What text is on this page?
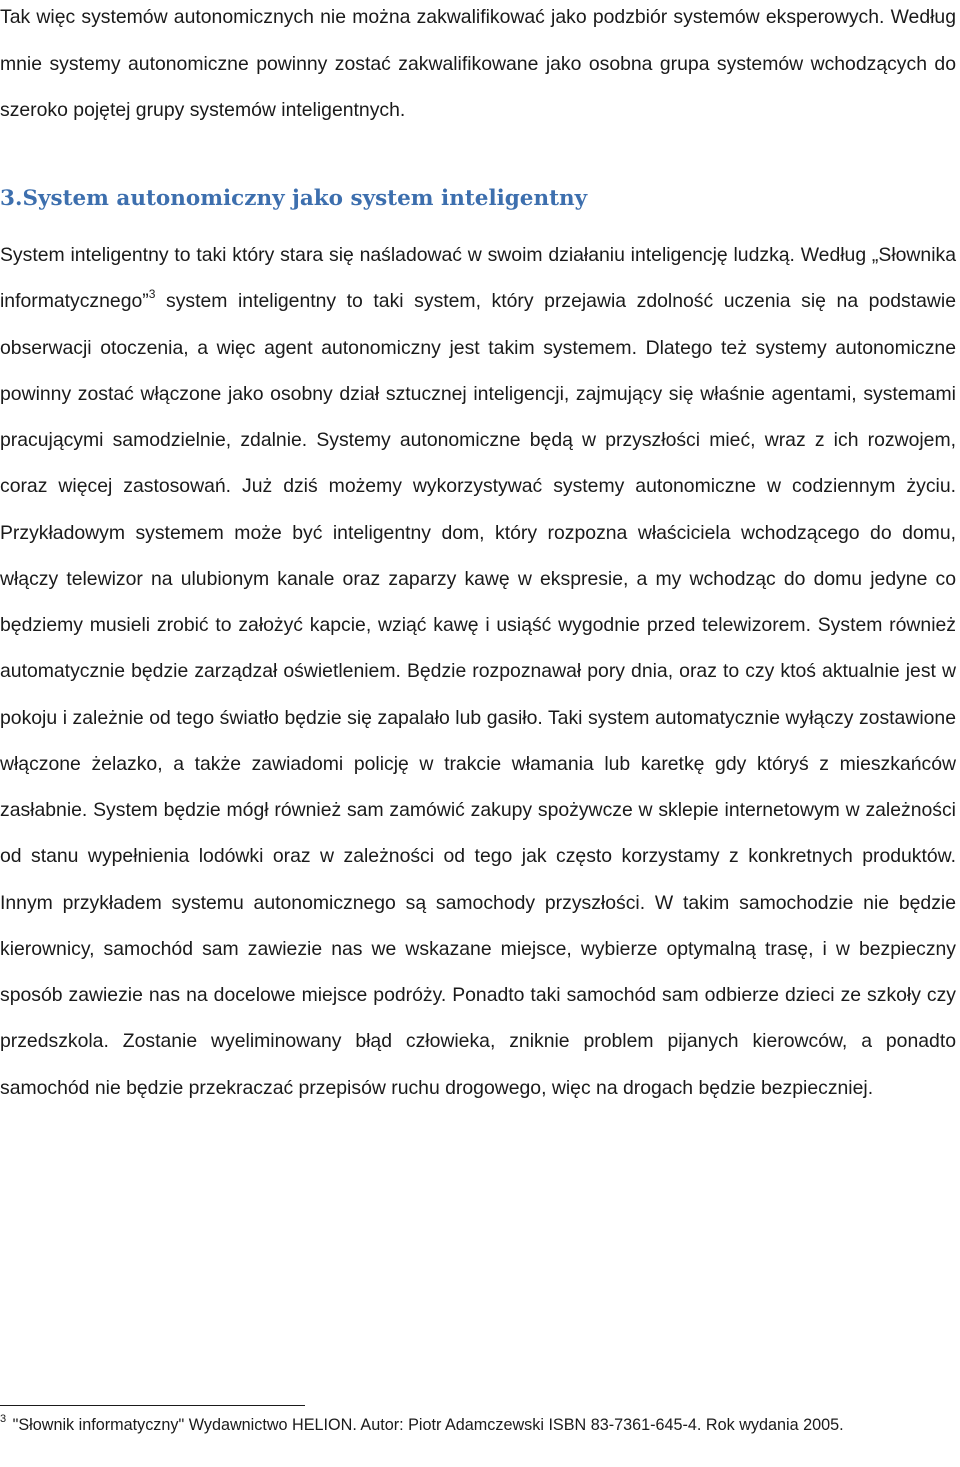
Tak więc systemów autonomicznych nie można zakwalifikować jako podzbiór systemów eksperowych. Według mnie systemy autonomiczne powinny zostać zakwalifikowane jako osobna grupa systemów wchodzących do szeroko pojętej grupy systemów inteligentnych.

3.System autonomiczny jako system inteligentny

System inteligentny to taki który stara się naśladować w swoim działaniu inteligencję ludzką. Według „Słownika informatycznego”$^3$ system inteligentny to taki system, który przejawia zdolność uczenia się na podstawie obserwacji otoczenia, a więc agent autonomiczny jest takim systemem. Dlatego też systemy autonomiczne powinny zostać włączone jako osobny dział sztucznej inteligencji, zajmujący się właśnie agentami, systemami pracującymi samodzielnie, zdalnie. Systemy autonomiczne będą w przyszłości mieć, wraz z ich rozwojem, coraz więcej zastosowań. Już dziś możemy wykorzystywać systemy autonomiczne w codziennym życiu. Przykładowym systemem może być inteligentny dom, który rozpozna właściciela wchodzącego do domu, włączy telewizor na ulubionym kanale oraz zaparzy kawę w ekspresie, a my wchodząc do domu jedyne co będziemy musieli zrobić to założyć kapcie, wziąć kawę i usiąść wygodnie przed telewizorem. System również automatycznie będzie zarządzał oświetleniem. Będzie rozpoznawał pory dnia, oraz to czy ktoś aktualnie jest w pokoju i zależnie od tego światło będzie się zapalało lub gasiło. Taki system automatycznie wyłączy zostawione włączone żelazko, a także zawiadomi policję w trakcie włamania lub karetkę gdy któryś z mieszkańców zasłabnie. System będzie mógł również sam zamówić zakupy spożywcze w sklepie internetowym w zależności od stanu wypełnienia lodówki oraz w zależności od tego jak często korzystamy z konkretnych produktów. Innym przykładem systemu autonomicznego są samochody przyszłości. W takim samochodzie nie będzie kierownicy, samochód sam zawiezie nas we wskazane miejsce, wybierze optymalną trasę, i w bezpieczny sposób zawiezie nas na docelowe miejsce podróży. Ponadto taki samochód sam odbierze dzieci ze szkoły czy przedszkola. Zostanie wyeliminowany błąd człowieka, zniknie problem pijanych kierowców, a ponadto samochód nie będzie przekraczać przepisów ruchu drogowego, więc na drogach będzie bezpieczniej.

$^3$ "Słownik informatyczny" Wydawnictwo HELION. Autor: Piotr Adamczewski ISBN 83-7361-645-4. Rok wydania 2005.
